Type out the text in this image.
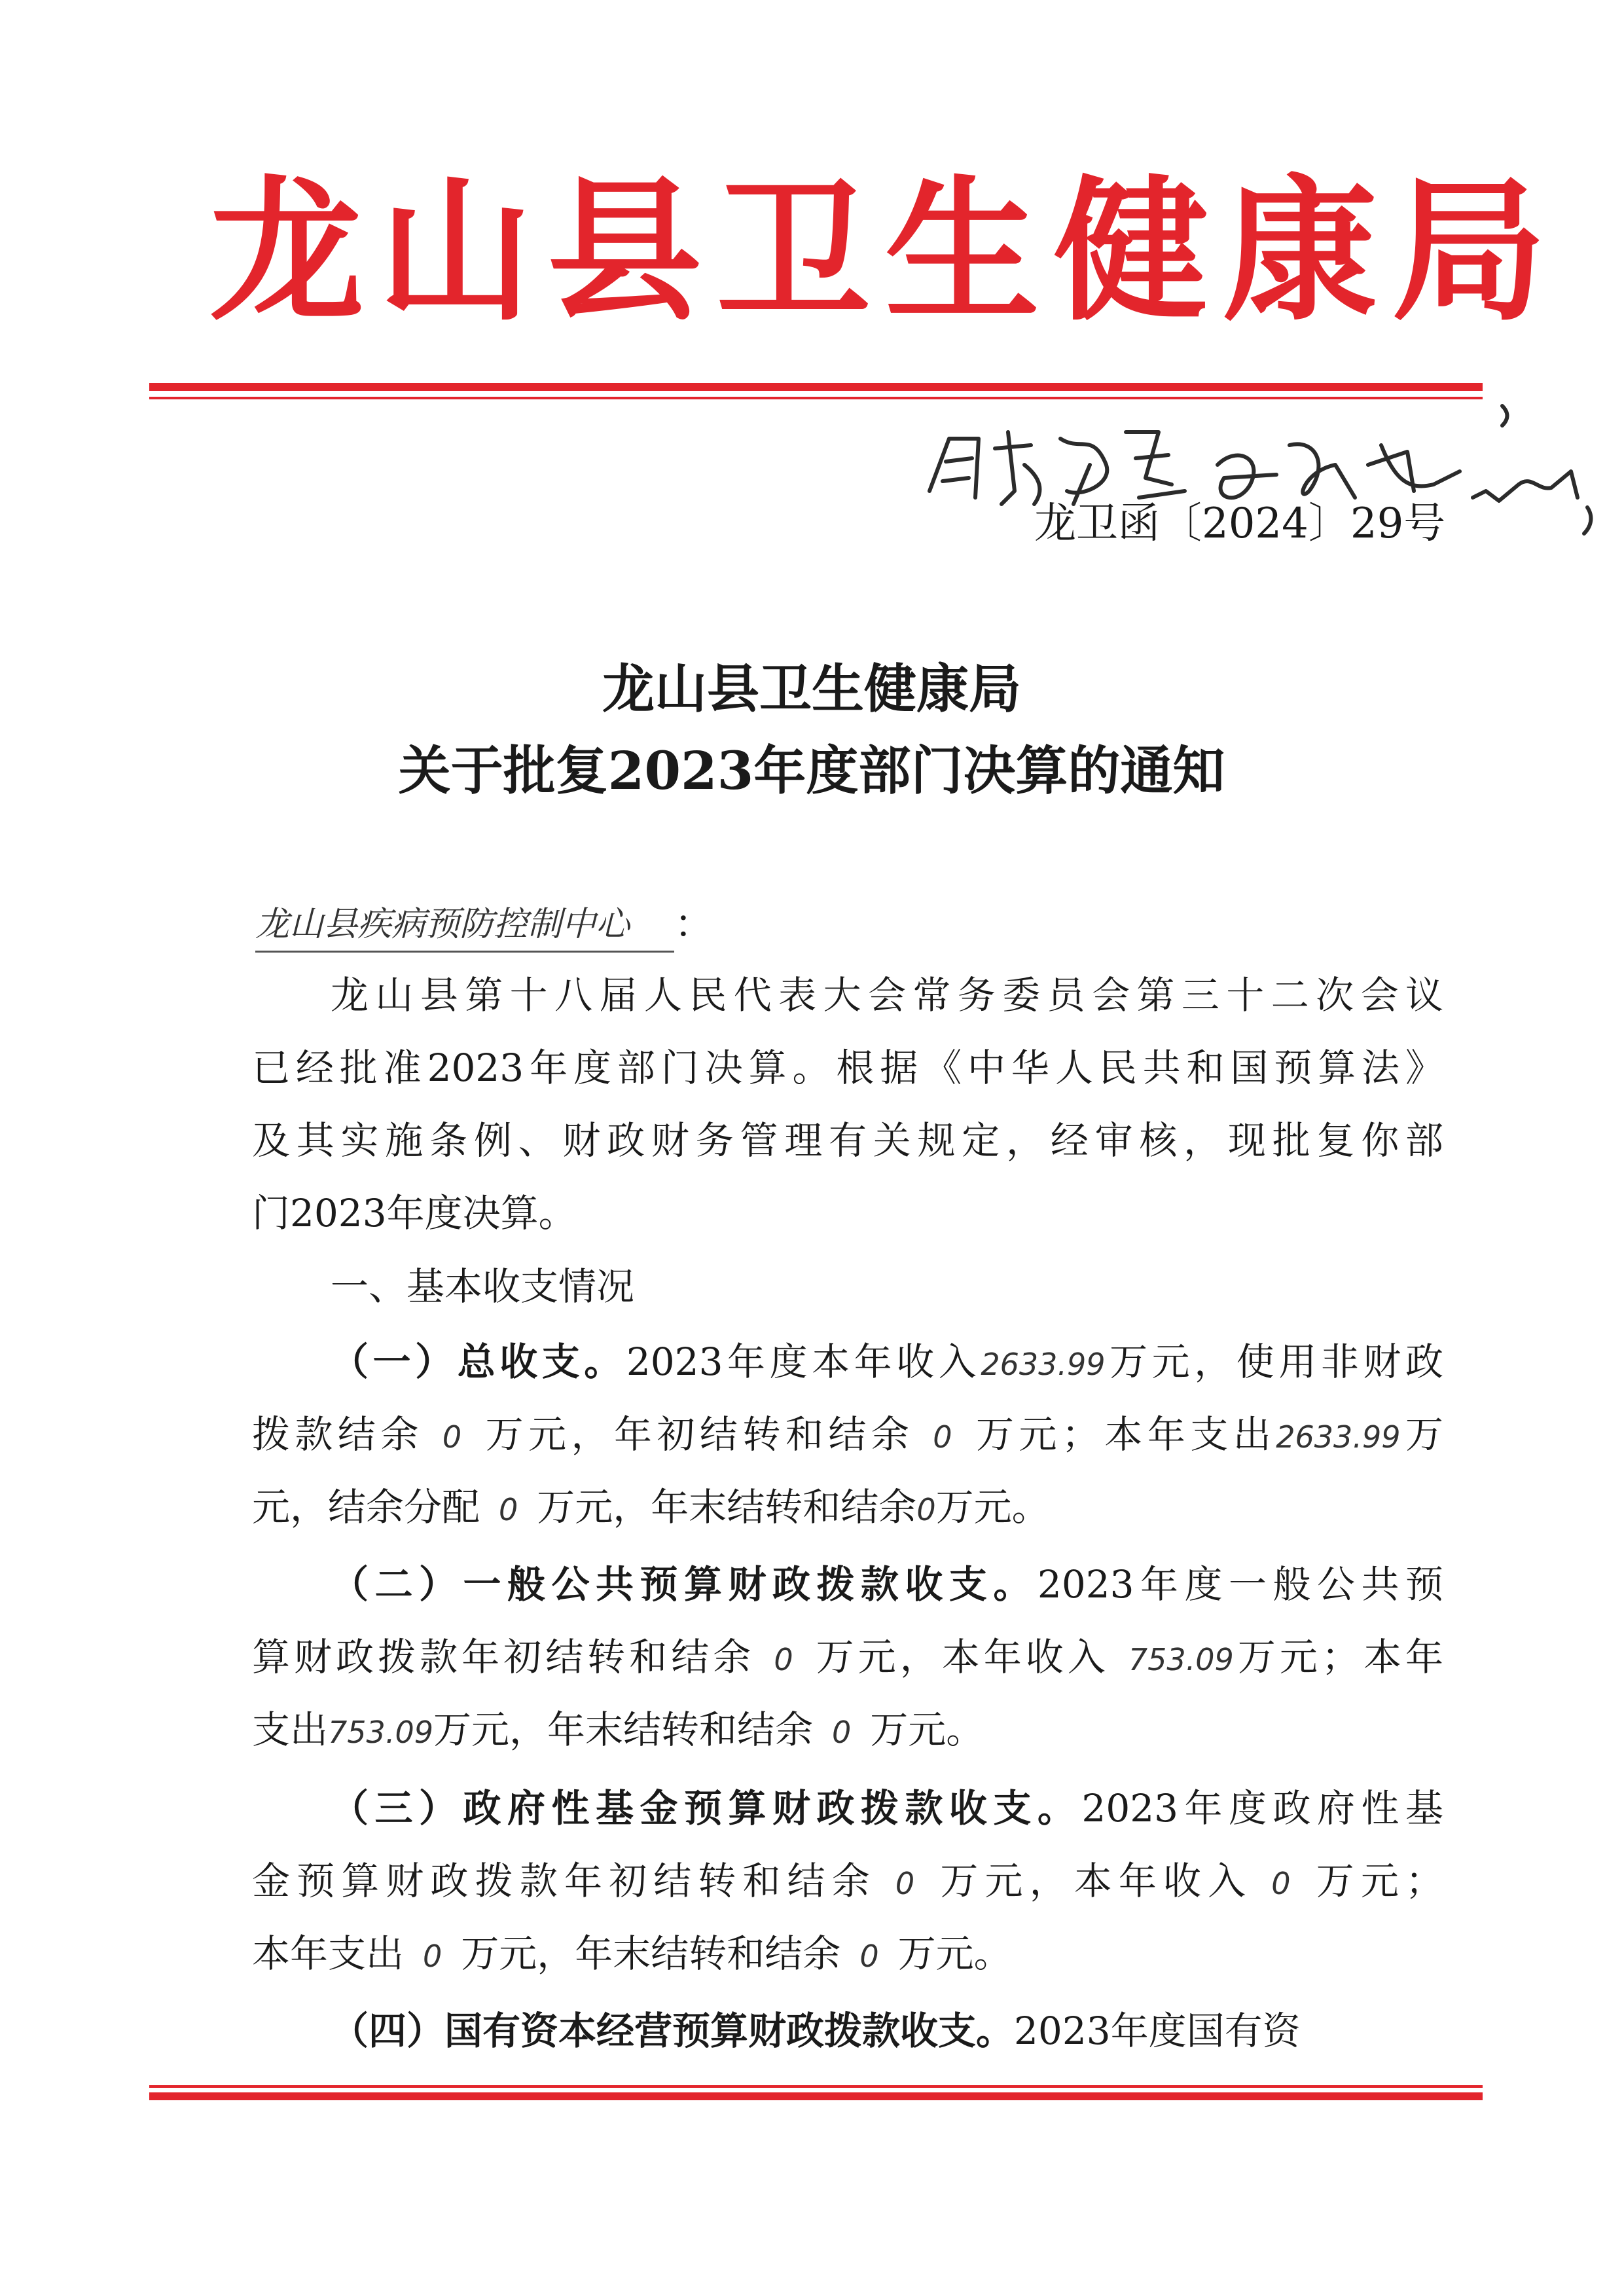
龙山县卫生健康局
龙卫函〔2024〕29号
龙山县卫生健康局
关于批复2023年度部门决算的通知
龙山县疾病预防控制中心	：
龙山县第十八届人民代表大会常务委员会第三十二次会议
已经批准2023年度部门决算。根据《中华人民共和国预算法》
及其实施条例、财政财务管理有关规定，经审核，现批复你部
门2023年度决算。
一、基本收支情况
（一）总收支。2023年度本年收入2633.99万元，使用非财政
拨款结余  0  万元，年初结转和结余  0  万元；本年支出2633.99万
元，结余分配  0  万元，年末结转和结余0万元。
（二）一般公共预算财政拨款收支。2023年度一般公共预
算财政拨款年初结转和结余  0  万元，本年收入  753.09万元；本年
支出753.09万元，年末结转和结余  0  万元。
（三）政府性基金预算财政拨款收支。2023年度政府性基
金预算财政拨款年初结转和结余  0  万元，本年收入  0  万元；
本年支出  0  万元，年末结转和结余  0  万元。
（四）国有资本经营预算财政拨款收支。2023年度国有资
